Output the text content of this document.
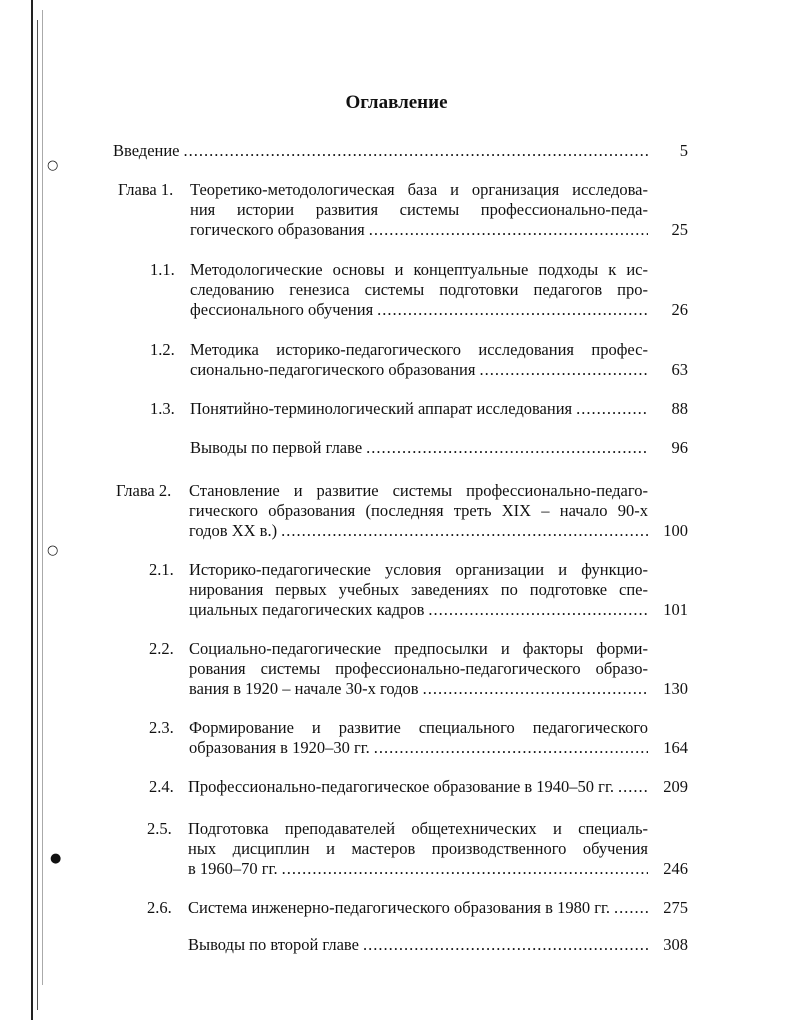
○
○
●
Оглавление
Введение .....	5
Глава 1. Теоретико-методологическая база и организация исследова-
ния истории развития системы профессионально-педа-
гогического образования .....	25
1.1. Методологические основы и концептуальные подходы к ис-
следованию генезиса системы подготовки педагогов про-
фессионального обучения .....	26
1.2. Методика историко-педагогического исследования профес-
сионально-педагогического образования .....	63
1.3. Понятийно-терминологический аппарат исследования .....	88
Выводы по первой главе .....	96
Глава 2. Становление и развитие системы профессионально-педаго-
гического образования (последняя треть XIX – начало 90-х
годов XX в.) .....	100
2.1. Историко-педагогические условия организации и функцио-
нирования первых учебных заведениях по подготовке спе-
циальных педагогических кадров .....	101
2.2. Социально-педагогические предпосылки и факторы форми-
рования системы профессионально-педагогического образо-
вания в 1920 – начале 30-х годов .....	130
2.3. Формирование и развитие специального педагогического
образования в 1920–30 гг. .....	164
2.4. Профессионально-педагогическое образование в 1940–50 гг. .....	209
2.5. Подготовка преподавателей общетехнических и специаль-
ных дисциплин и мастеров производственного обучения
в 1960–70 гг. .....	246
2.6. Система инженерно-педагогического образования в 1980 гг. .....	275
Выводы по второй главе .....	308
